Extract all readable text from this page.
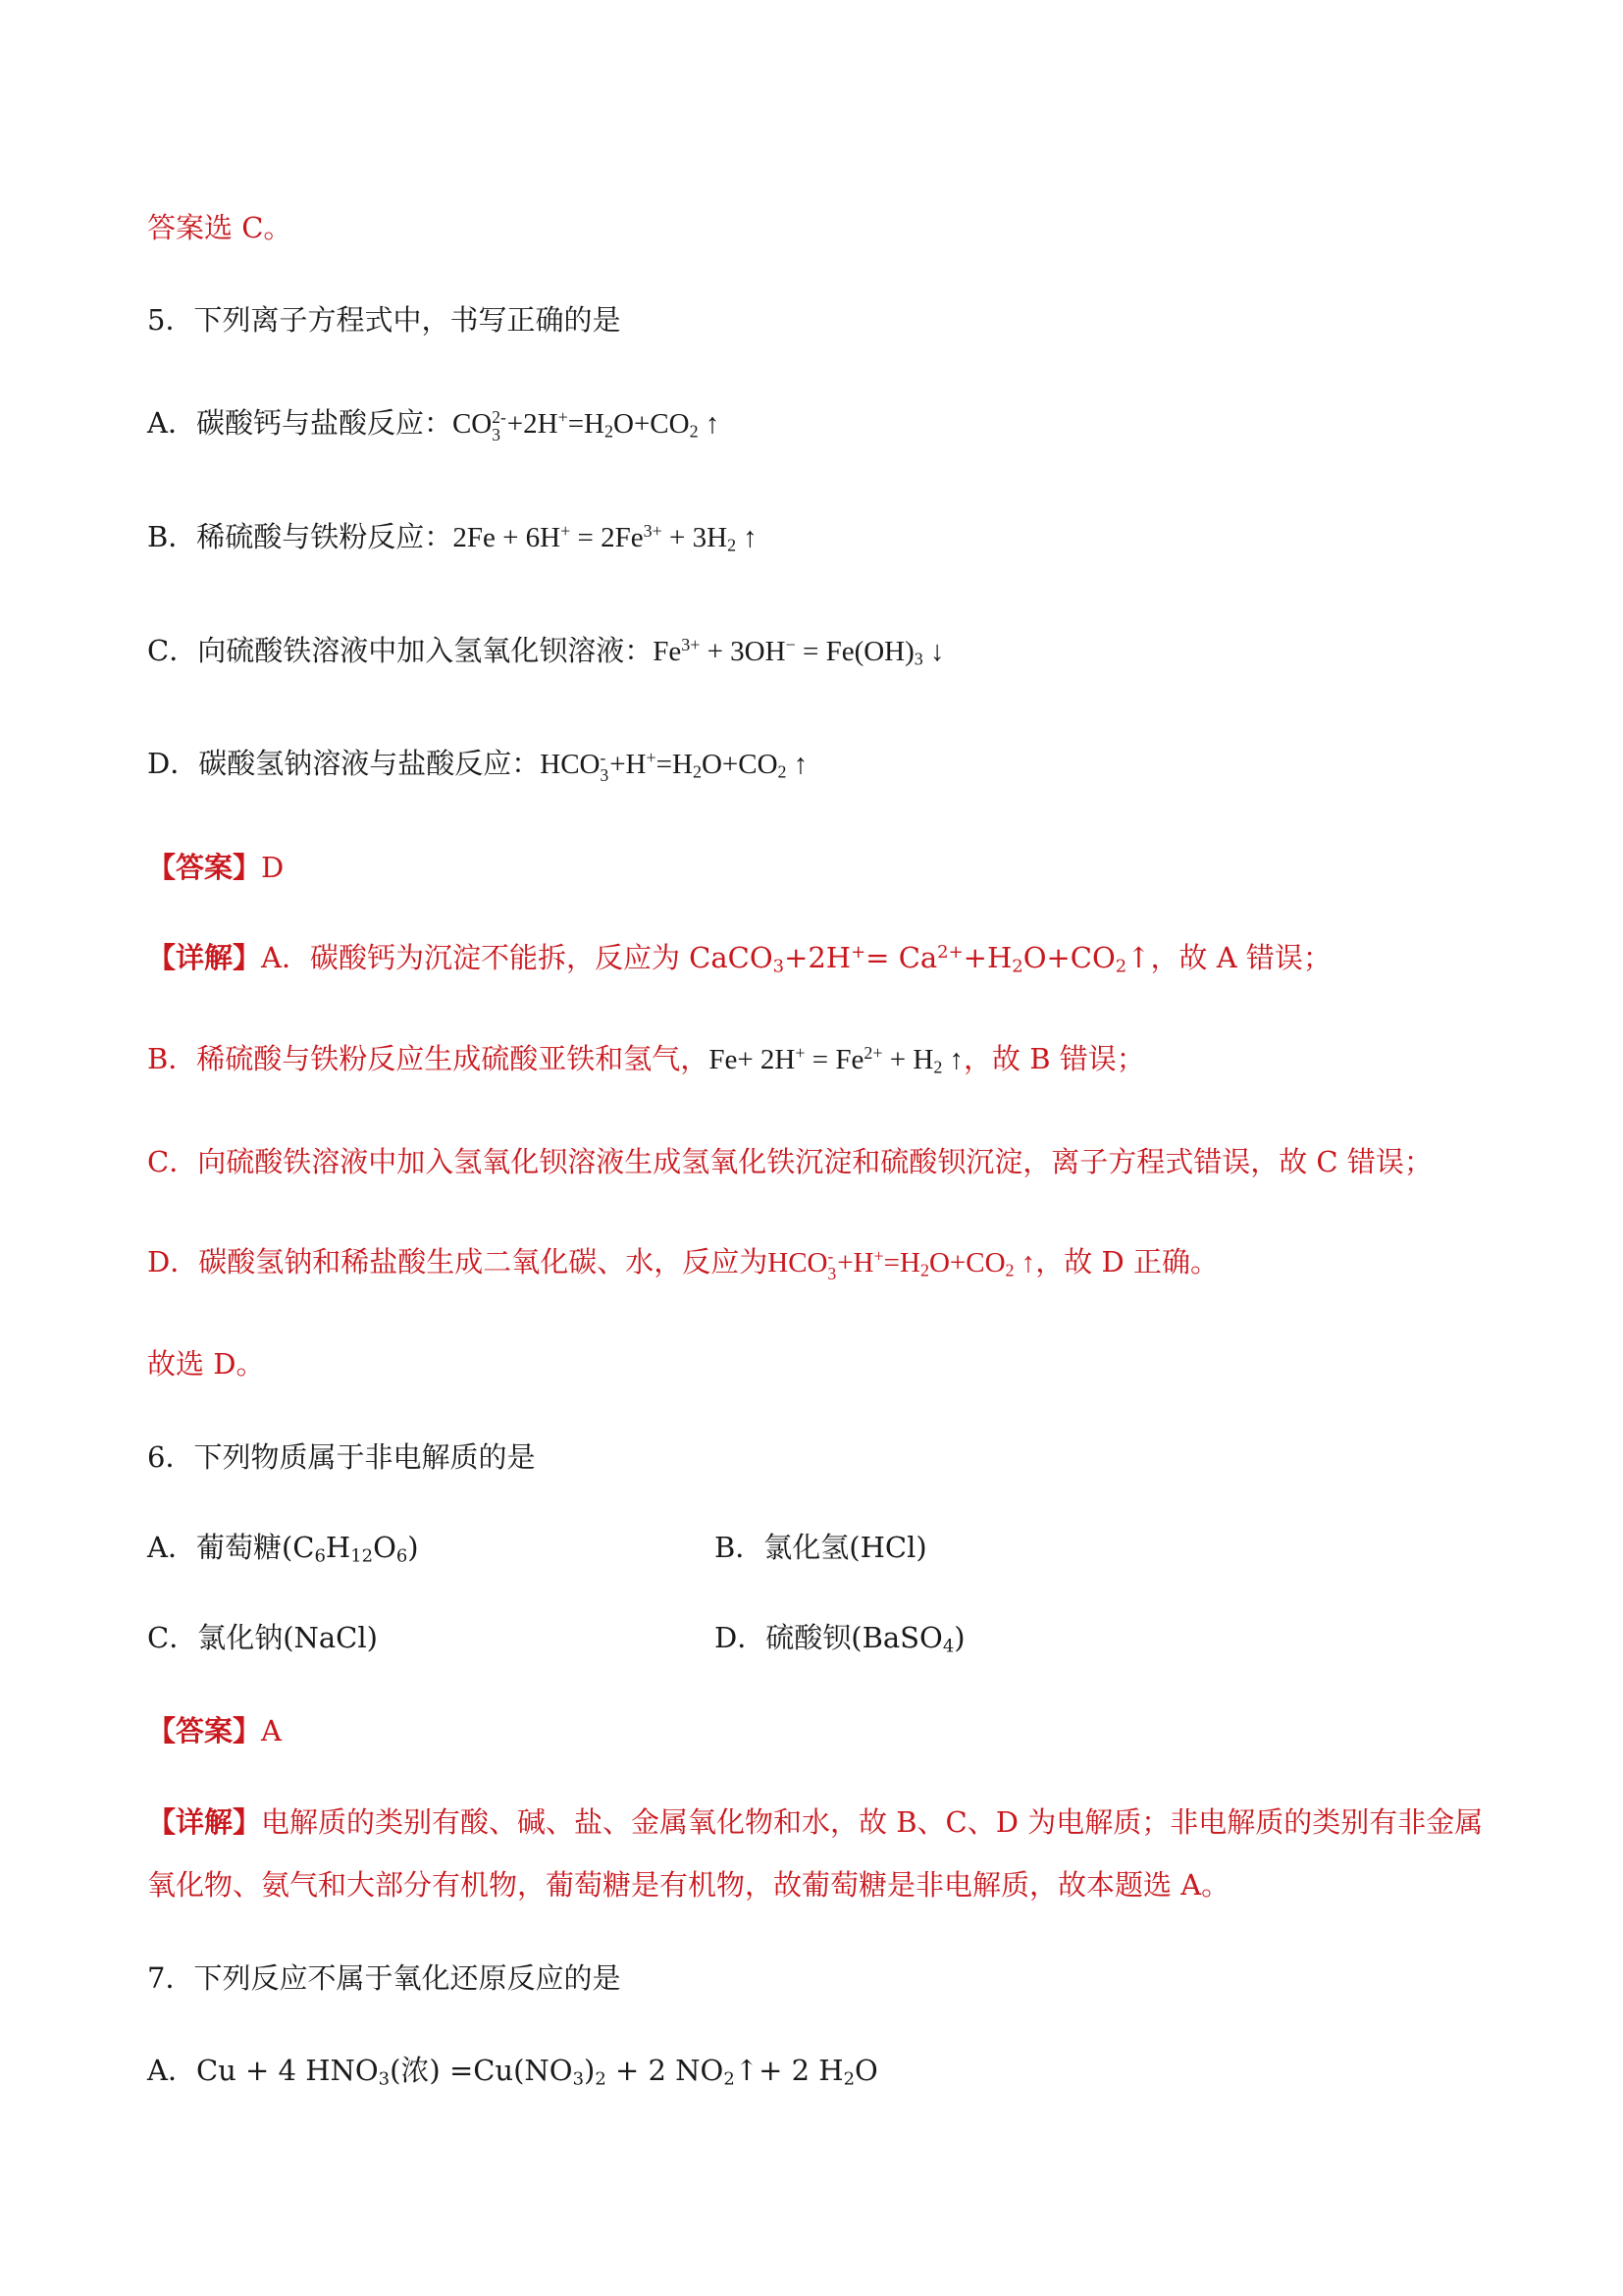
答案选 C。
5．下列离子方程式中，书写正确的是
A．碳酸钙与盐酸反应：CO 2-
$3 +2H^+=H_2O+CO_2$ ↑
B．稀硫酸与铁粉反应：$2Fe + 6H^+ = 2Fe^{3+} + 3H_2$ ↑
C．向硫酸铁溶液中加入氢氧化钡溶液：$Fe^{3+} + 3OH^- = Fe(OH)_3$ ↓
D．碳酸氢钠溶液与盐酸反应：HCO -
$3 +H^+=H_2O+CO_2$ ↑
【答案】D
【详解】A．碳酸钙为沉淀不能拆，反应为 CaCO$_3$+2H+= $Ca^{2+}+H_2O+CO_2↑$，故 A 错误；
B．稀硫酸与铁粉反应生成硫酸亚铁和氢气，$Fe+ 2H^+ = Fe^{2+} + H_2$ ↑，故 B 错误；
C．向硫酸铁溶液中加入氢氧化钡溶液生成氢氧化铁沉淀和硫酸钡沉淀，离子方程式错误，故 C 错误；
D．碳酸氢钠和稀盐酸生成二氧化碳、水，反应为HCO -
$3 +H^+=H_2O+CO_2$ ↑，故 D 正确。
故选 D。
6．下列物质属于非电解质的是
A．葡萄糖$(C_6H_{12}O_6)$	B．氯化氢(HCl)
C．氯化钠(NaCl)	D．硫酸钡(BaSO$_4$)
【答案】A
【详解】电解质的类别有酸、碱、盐、金属氧化物和水，故 B、C、D 为电解质；非电解质的类别有非金属
氧化物、氨气和大部分有机物，葡萄糖是有机物，故葡萄糖是非电解质，故本题选 A。
7．下列反应不属于氧化还原反应的是
A．Cu + 4 $HNO_3$(浓) $=Cu(NO_3)_2 + 2$ $NO_2↑+ 2$ $H_2O$
